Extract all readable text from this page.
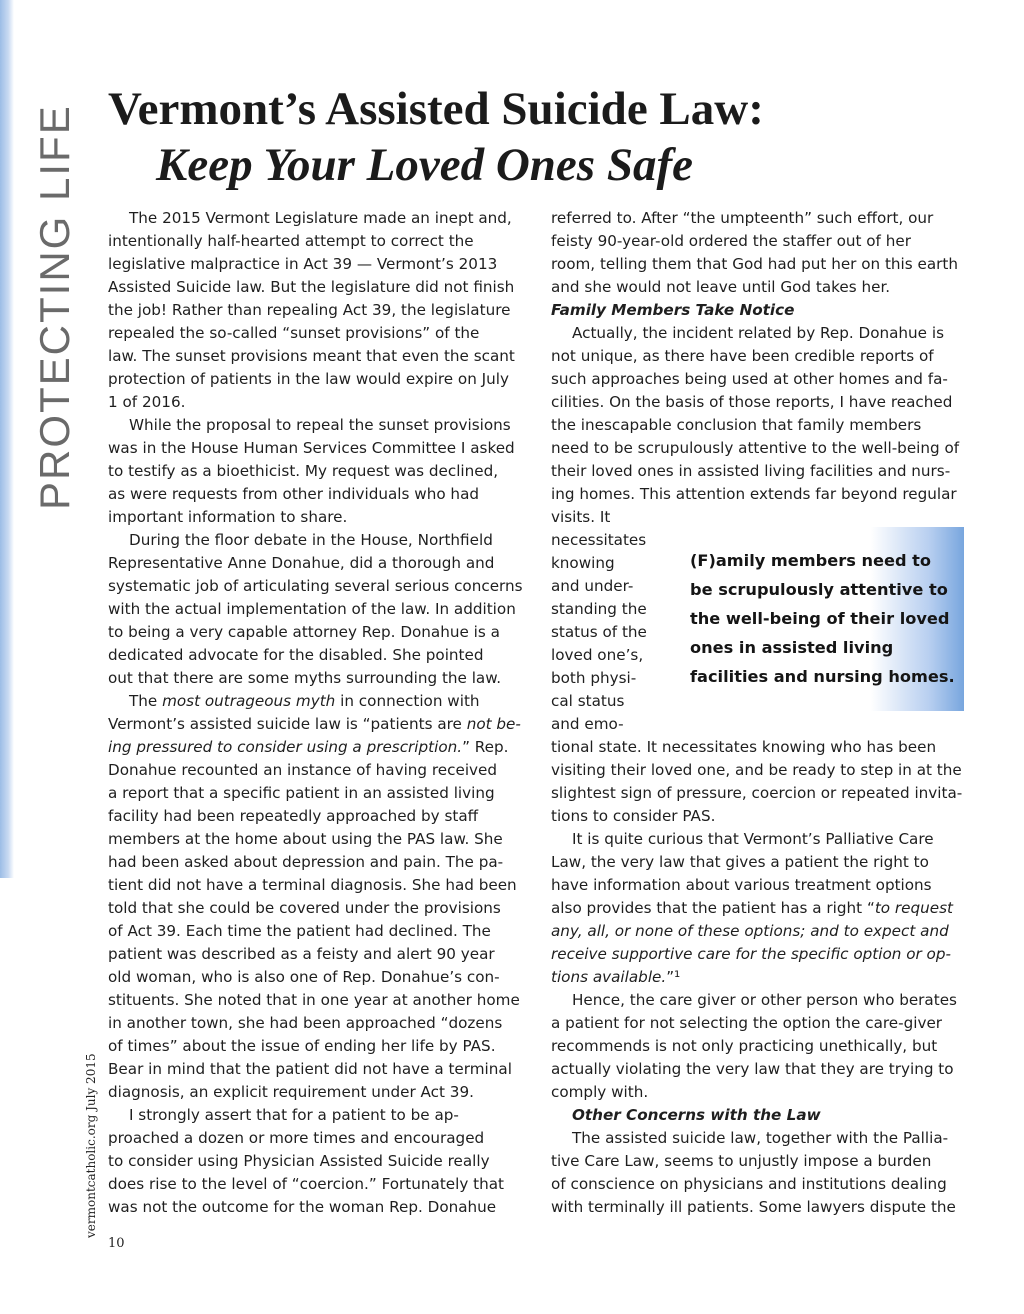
PROTECTING LIFE
vermontcatholic.org July 2015
Vermont’s Assisted Suicide Law:
Keep Your Loved Ones Safe
The 2015 Vermont Legislature made an inept and,
intentionally half-hearted attempt to correct the
legislative malpractice in Act 39 — Vermont’s 2013
Assisted Suicide law. But the legislature did not finish
the job! Rather than repealing Act 39, the legislature
repealed the so-called “sunset provisions” of the
law. The sunset provisions meant that even the scant
protection of patients in the law would expire on July
1 of 2016.
While the proposal to repeal the sunset provisions
was in the House Human Services Committee I asked
to testify as a bioethicist. My request was declined,
as were requests from other individuals who had
important information to share.
During the floor debate in the House, Northfield
Representative Anne Donahue, did a thorough and
systematic job of articulating several serious concerns
with the actual implementation of the law. In addition
to being a very capable attorney Rep. Donahue is a
dedicated advocate for the disabled. She pointed
out that there are some myths surrounding the law.
The most outrageous myth in connection with
Vermont’s assisted suicide law is “patients are not be-
ing pressured to consider using a prescription.” Rep.
Donahue recounted an instance of having received
a report that a specific patient in an assisted living
facility had been repeatedly approached by staff
members at the home about using the PAS law. She
had been asked about depression and pain. The pa-
tient did not have a terminal diagnosis. She had been
told that she could be covered under the provisions
of Act 39. Each time the patient had declined. The
patient was described as a feisty and alert 90 year
old woman, who is also one of Rep. Donahue’s con-
stituents. She noted that in one year at another home
in another town, she had been approached “dozens
of times” about the issue of ending her life by PAS.
Bear in mind that the patient did not have a terminal
diagnosis, an explicit requirement under Act 39.
I strongly assert that for a patient to be ap-
proached a dozen or more times and encouraged
to consider using Physician Assisted Suicide really
does rise to the level of “coercion.” Fortunately that
was not the outcome for the woman Rep. Donahue
referred to. After “the umpteenth” such effort, our
feisty 90-year-old ordered the staffer out of her
room, telling them that God had put her on this earth
and she would not leave until God takes her.
Family Members Take Notice
Actually, the incident related by Rep. Donahue is
not unique, as there have been credible reports of
such approaches being used at other homes and fa-
cilities. On the basis of those reports, I have reached
the inescapable conclusion that family members
need to be scrupulously attentive to the well-being of
their loved ones in assisted living facilities and nurs-
ing homes. This attention extends far beyond regular
visits. It
necessitates
knowing
and under-
standing the
status of the
loved one’s,
both physi-
cal status
and emo-
tional state. It necessitates knowing who has been
visiting their loved one, and be ready to step in at the
slightest sign of pressure, coercion or repeated invita-
tions to consider PAS.
It is quite curious that Vermont’s Palliative Care
Law, the very law that gives a patient the right to
have information about various treatment options
also provides that the patient has a right “to request
any, all, or none of these options; and to expect and
receive supportive care for the specific option or op-
tions available.”¹
Hence, the care giver or other person who berates
a patient for not selecting the option the care-giver
recommends is not only practicing unethically, but
actually violating the very law that they are trying to
comply with.
Other Concerns with the Law
The assisted suicide law, together with the Pallia-
tive Care Law, seems to unjustly impose a burden
of conscience on physicians and institutions dealing
with terminally ill patients. Some lawyers dispute the
(F)amily members need to
be scrupulously attentive to
the well-being of their loved
ones in assisted living
facilities and nursing homes.
10
